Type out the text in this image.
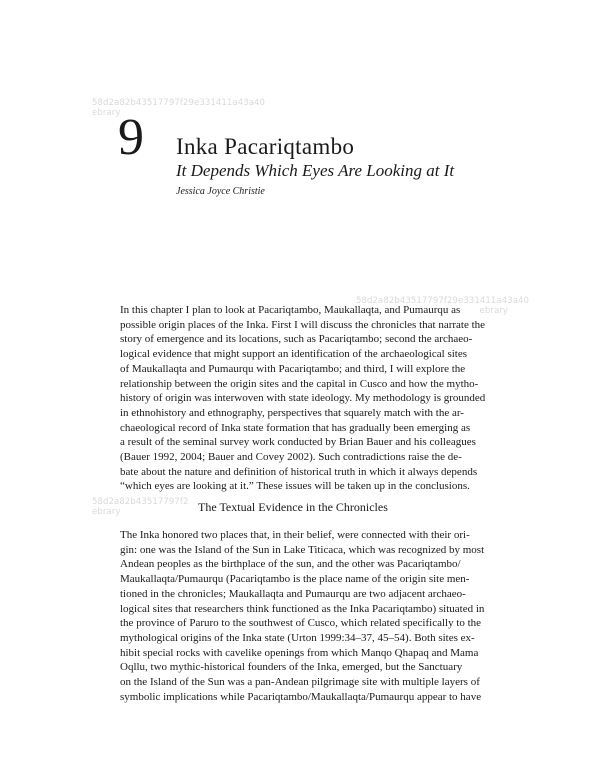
58d2a82b43517797f29e331411a43a40
ebrary
58d2a82b43517797f29e331411a43a40
ebrary
58d2a82b43517797f2
ebrary
9 Inka Pacariqtambo
It Depends Which Eyes Are Looking at It
Jessica Joyce Christie
In this chapter I plan to look at Pacariqtambo, Maukallaqta, and Pumaurqu as
possible origin places of the Inka. First I will discuss the chronicles that narrate the
story of emergence and its locations, such as Pacariqtambo; second the archaeo-
logical evidence that might support an identification of the archaeological sites
of Maukallaqta and Pumaurqu with Pacariqtambo; and third, I will explore the
relationship between the origin sites and the capital in Cusco and how the mytho-
history of origin was interwoven with state ideology. My methodology is grounded
in ethnohistory and ethnography, perspectives that squarely match with the ar-
chaeological record of Inka state formation that has gradually been emerging as
a result of the seminal survey work conducted by Brian Bauer and his colleagues
(Bauer 1992, 2004; Bauer and Covey 2002). Such contradictions raise the de-
bate about the nature and definition of historical truth in which it always depends
“which eyes are looking at it.” These issues will be taken up in the conclusions.
The Textual Evidence in the Chronicles
The Inka honored two places that, in their belief, were connected with their ori-
gin: one was the Island of the Sun in Lake Titicaca, which was recognized by most
Andean peoples as the birthplace of the sun, and the other was Pacariqtambo/
Maukallaqta/Pumaurqu (Pacariqtambo is the place name of the origin site men-
tioned in the chronicles; Maukallaqta and Pumaurqu are two adjacent archaeo-
logical sites that researchers think functioned as the Inka Pacariqtambo) situated in
the province of Paruro to the southwest of Cusco, which related specifically to the
mythological origins of the Inka state (Urton 1999:34–37, 45–54). Both sites ex-
hibit special rocks with cavelike openings from which Manqo Qhapaq and Mama
Oqllu, two mythic-historical founders of the Inka, emerged, but the Sanctuary
on the Island of the Sun was a pan-Andean pilgrimage site with multiple layers of
symbolic implications while Pacariqtambo/Maukallaqta/Pumaurqu appear to have
